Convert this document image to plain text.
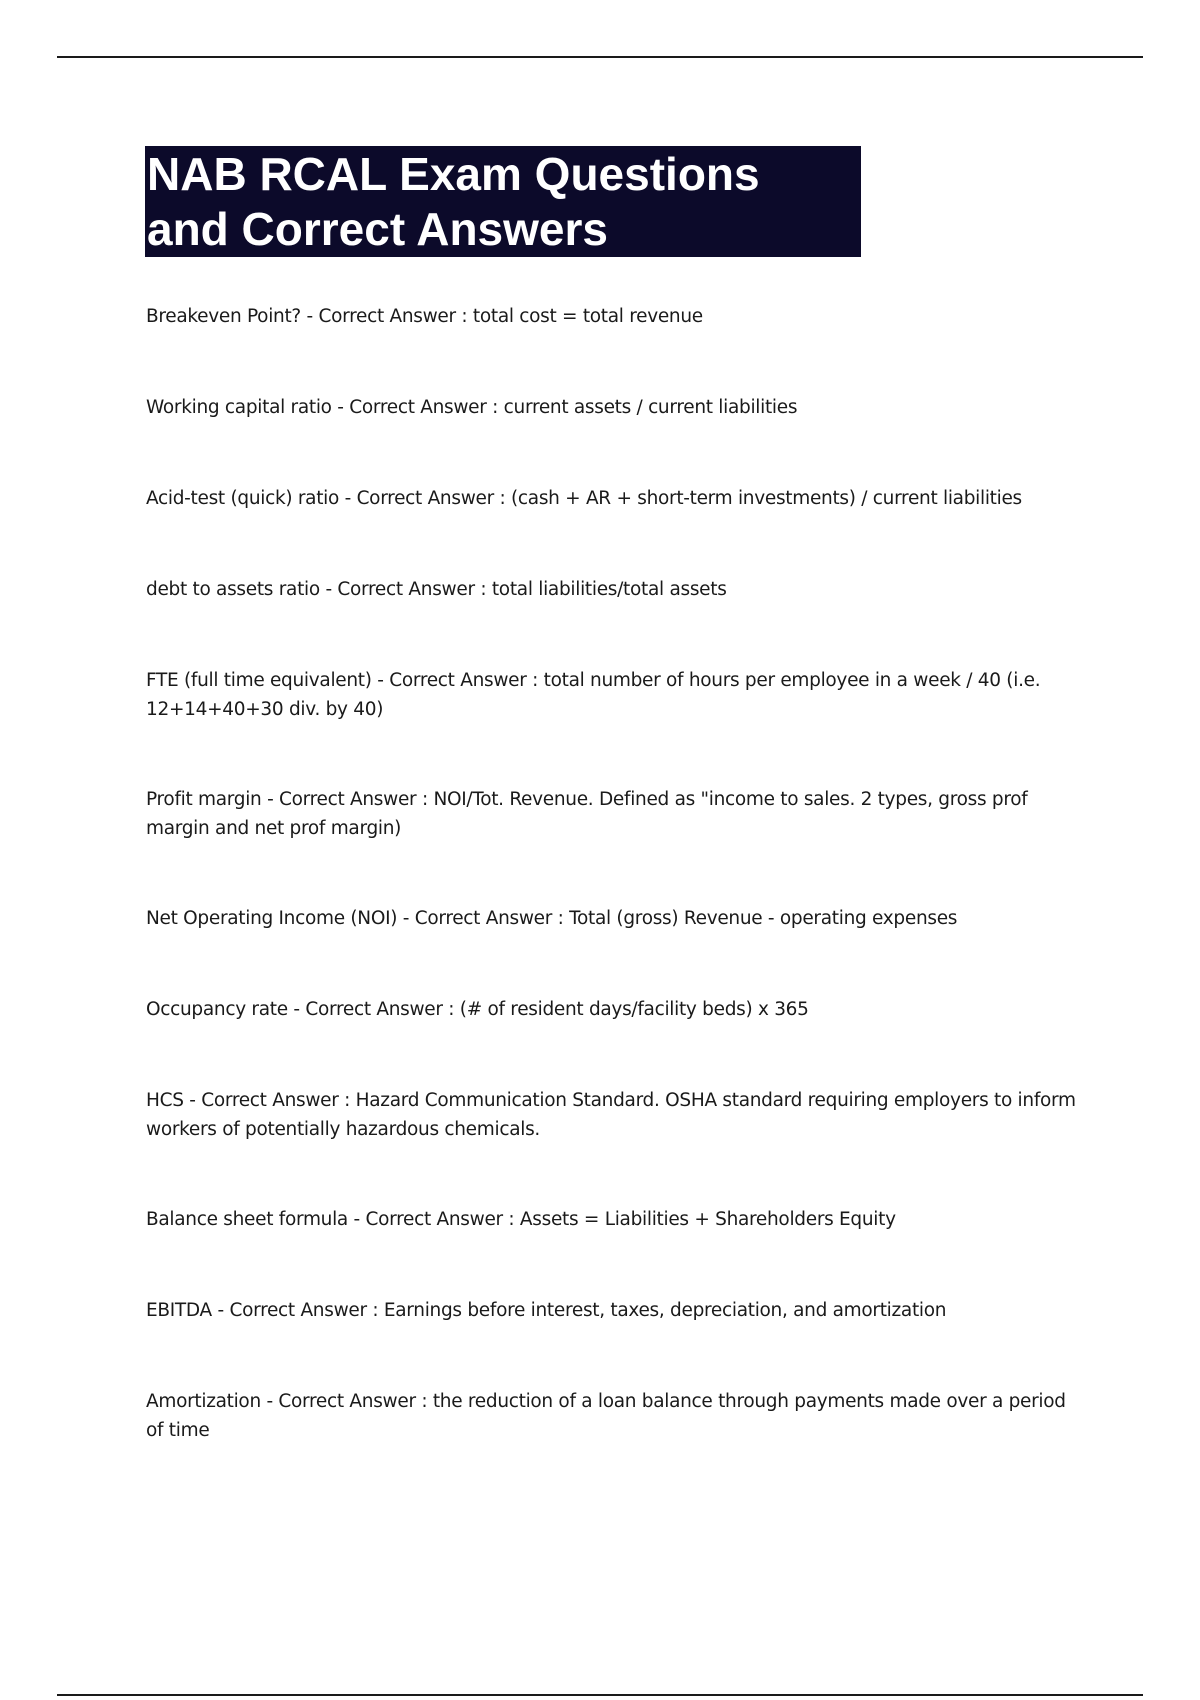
NAB RCAL Exam Questions
and Correct Answers
Breakeven Point? - Correct Answer : total cost = total revenue
Working capital ratio - Correct Answer : current assets / current liabilities
Acid-test (quick) ratio - Correct Answer : (cash + AR + short-term investments) / current liabilities
debt to assets ratio - Correct Answer : total liabilities/total assets
FTE (full time equivalent) - Correct Answer : total number of hours per employee in a week / 40 (i.e. 12+14+40+30 div. by 40)
Profit margin - Correct Answer : NOI/Tot. Revenue. Defined as "income to sales. 2 types, gross prof margin and net prof margin)
Net Operating Income (NOI) - Correct Answer : Total (gross) Revenue - operating expenses
Occupancy rate - Correct Answer : (# of resident days/facility beds) x 365
HCS - Correct Answer : Hazard Communication Standard. OSHA standard requiring employers to inform workers of potentially hazardous chemicals.
Balance sheet formula - Correct Answer : Assets = Liabilities + Shareholders Equity
EBITDA - Correct Answer : Earnings before interest, taxes, depreciation, and amortization
Amortization - Correct Answer : the reduction of a loan balance through payments made over a period of time
